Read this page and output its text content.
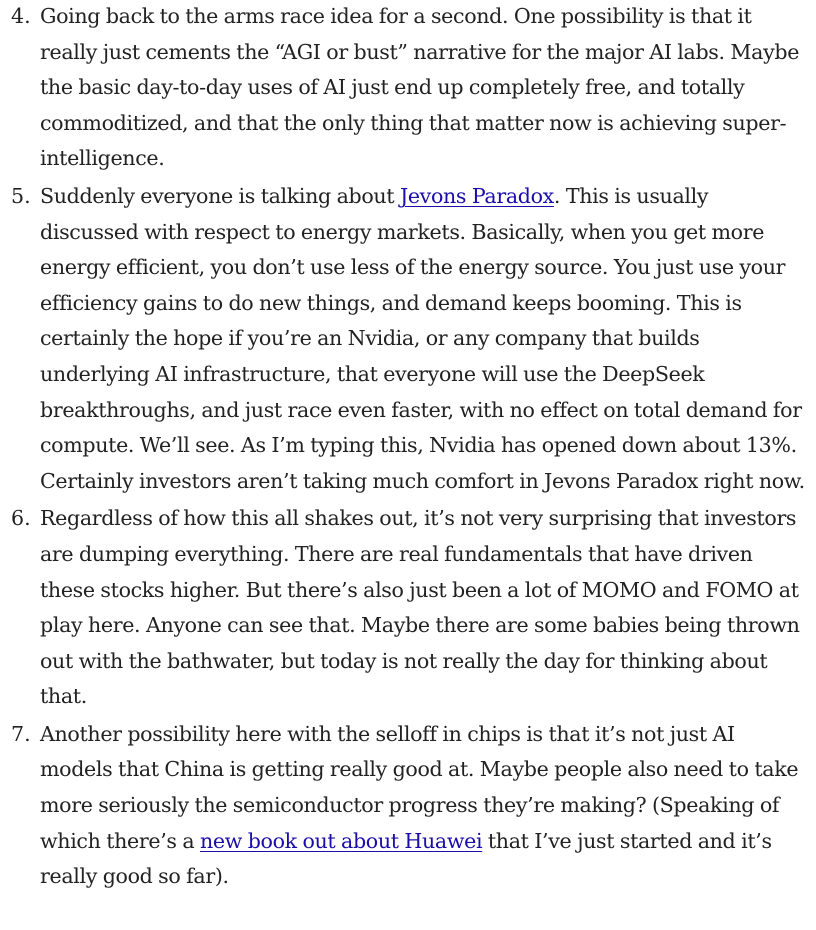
4. Going back to the arms race idea for a second. One possibility is that it really just cements the “AGI or bust” narrative for the major AI labs. Maybe the basic day-to-day uses of AI just end up completely free, and totally commoditized, and that the only thing that matter now is achieving super-intelligence.

5. Suddenly everyone is talking about Jevons Paradox. This is usually discussed with respect to energy markets. Basically, when you get more energy efficient, you don’t use less of the energy source. You just use your efficiency gains to do new things, and demand keeps booming. This is certainly the hope if you’re an Nvidia, or any company that builds underlying AI infrastructure, that everyone will use the DeepSeek breakthroughs, and just race even faster, with no effect on total demand for compute. We’ll see. As I’m typing this, Nvidia has opened down about 13%. Certainly investors aren’t taking much comfort in Jevons Paradox right now.

6. Regardless of how this all shakes out, it’s not very surprising that investors are dumping everything. There are real fundamentals that have driven these stocks higher. But there’s also just been a lot of MOMO and FOMO at play here. Anyone can see that. Maybe there are some babies being thrown out with the bathwater, but today is not really the day for thinking about that.

7. Another possibility here with the selloff in chips is that it’s not just AI models that China is getting really good at. Maybe people also need to take more seriously the semiconductor progress they’re making? (Speaking of which there’s a new book out about Huawei that I’ve just started and it’s really good so far).
